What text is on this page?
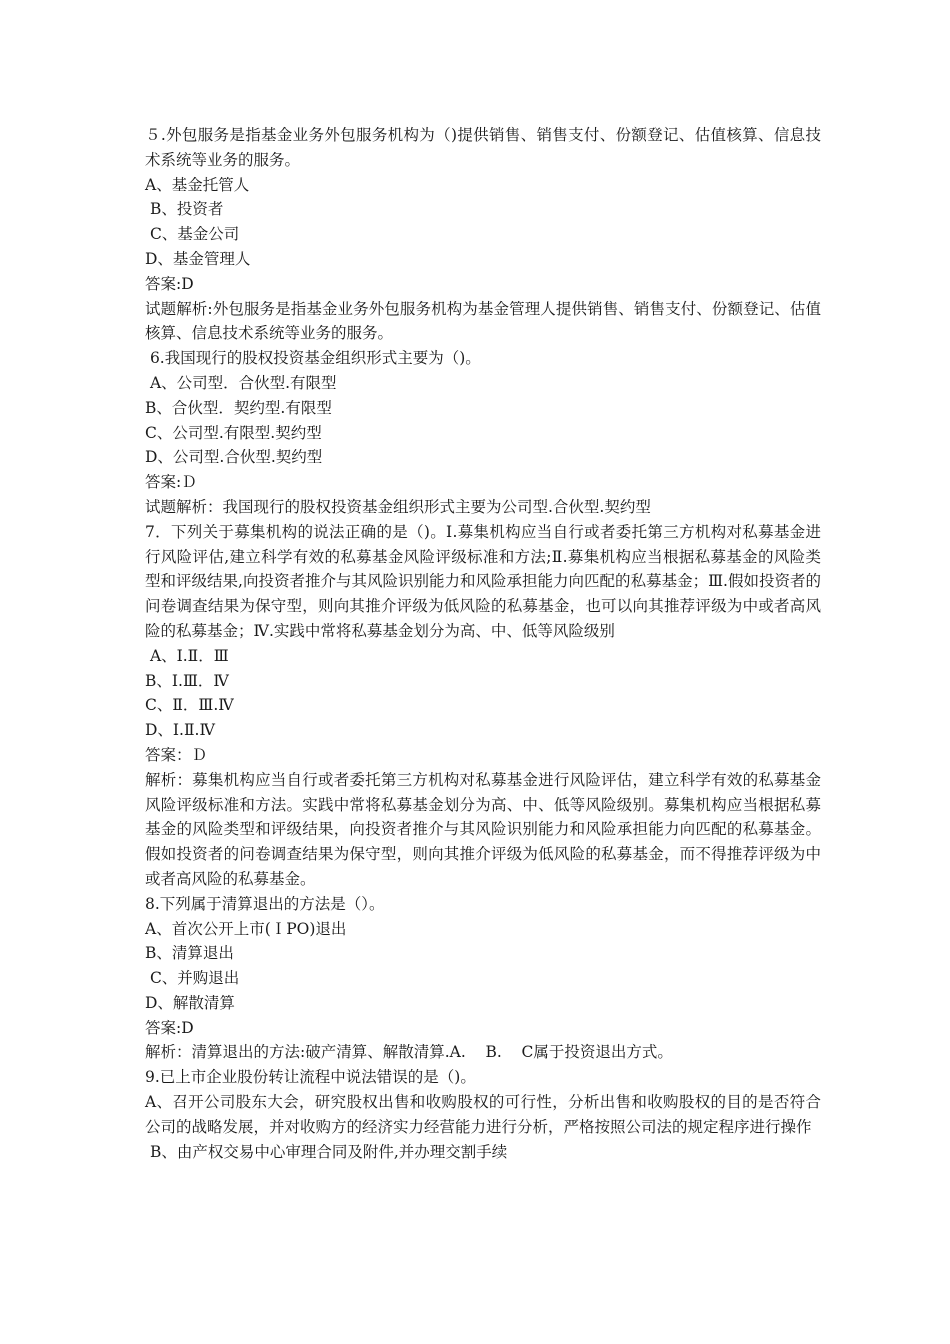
５.外包服务是指基金业务外包服务机构为（)提供销售、销售支付、份额登记、估值核算、信息技术系统等业务的服务。
A、基金托管人
B、投资者
C、基金公司
D、基金管理人
答案:D
试题解析:外包服务是指基金业务外包服务机构为基金管理人提供销售、销售支付、份额登记、估值核算、信息技术系统等业务的服务。
6.我国现行的股权投资基金组织形式主要为（)。
A、公司型．合伙型.有限型
B、合伙型．契约型.有限型
C、公司型.有限型.契约型
D、公司型.合伙型.契约型
答案:Ｄ
试题解析：我国现行的股权投资基金组织形式主要为公司型.合伙型.契约型
7．下列关于募集机构的说法正确的是（)。Ⅰ.募集机构应当自行或者委托第三方机构对私募基金进行风险评估,建立科学有效的私募基金风险评级标准和方法;Ⅱ.募集机构应当根据私募基金的风险类型和评级结果,向投资者推介与其风险识别能力和风险承担能力向匹配的私募基金；Ⅲ.假如投资者的问卷调查结果为保守型，则向其推介评级为低风险的私募基金，也可以向其推荐评级为中或者高风险的私募基金；Ⅳ.实践中常将私募基金划分为高、中、低等风险级别
A、Ⅰ.Ⅱ．Ⅲ
B、Ⅰ.Ⅲ．Ⅳ
C、Ⅱ．Ⅲ.Ⅳ
D、Ⅰ.Ⅱ.Ⅳ
答案：Ｄ
解析：募集机构应当自行或者委托第三方机构对私募基金进行风险评估，建立科学有效的私募基金风险评级标准和方法。实践中常将私募基金划分为高、中、低等风险级别。募集机构应当根据私募基金的风险类型和评级结果，向投资者推介与其风险识别能力和风险承担能力向匹配的私募基金。假如投资者的问卷调查结果为保守型，则向其推介评级为低风险的私募基金，而不得推荐评级为中或者高风险的私募基金。
8.下列属于清算退出的方法是（）。
A、首次公开上市(ＩPO)退出
B、清算退出
C、并购退出
D、解散清算
答案:D
解析：清算退出的方法:破产清算、解散清算.A.    B.    C属于投资退出方式。
9.已上市企业股份转让流程中说法错误的是（)。
A、召开公司股东大会，研究股权出售和收购股权的可行性，分析出售和收购股权的目的是否符合公司的战略发展，并对收购方的经济实力经营能力进行分析，严格按照公司法的规定程序进行操作
B、由产权交易中心审理合同及附件,并办理交割手续
